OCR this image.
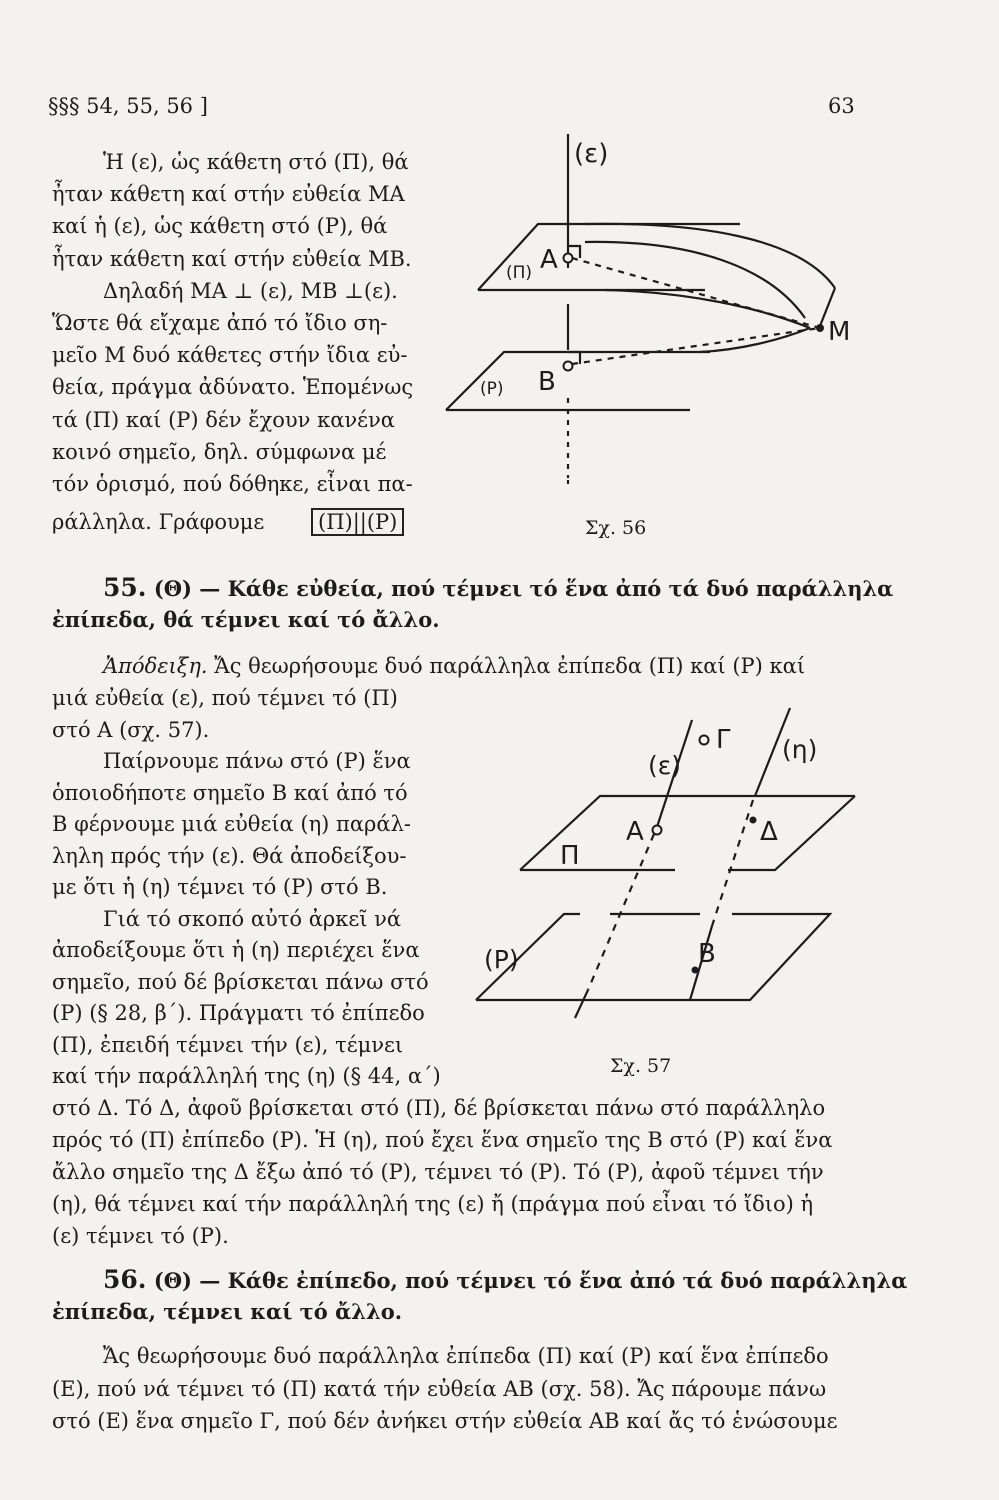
§§§ 54, 55, 56 ]	63
Ἡ (ε), ὡς κάθετη στό (Π), θά
ἦταν κάθετη καί στήν εὐθεία ΜΑ
καί ἡ (ε), ὡς κάθετη στό (Ρ), θά
ἦταν κάθετη καί στήν εὐθεία ΜΒ.
Δηλαδή ΜΑ ⊥ (ε), ΜΒ ⊥(ε).
Ὥστε θά εἴχαμε ἀπό τό ἴδιο ση-
μεῖο Μ δυό κάθετες στήν ἴδια εὐ-
θεία, πράγμα ἀδύνατο. Ἑπομένως
τά (Π) καί (Ρ) δέν ἔχουν κανένα
κοινό σημεῖο, δηλ. σύμφωνα μέ
τόν ὁρισμό, πού δόθηκε, εἶναι πα-
ράλληλα. Γράφουμε	(Π)||(Ρ)
(ε)
(Π) Α
(Ρ) Β
Μ
Σχ. 56
55. (Θ) — Κάθε εὐθεία, πού τέμνει τό ἕνα ἀπό τά δυό παράλληλα
ἐπίπεδα, θά τέμνει καί τό ἄλλο.
Ἀπόδειξη. Ἄς θεωρήσουμε δυό παράλληλα ἐπίπεδα (Π) καί (Ρ) καί
μιά εὐθεία (ε), πού τέμνει τό (Π)
στό Α (σχ. 57).
Παίρνουμε πάνω στό (Ρ) ἕνα
ὁποιοδήποτε σημεῖο Β καί ἀπό τό
Β φέρνουμε μιά εὐθεία (η) παράλ-
ληλη πρός τήν (ε). Θά ἀποδείξου-
με ὅτι ἡ (η) τέμνει τό (Ρ) στό Β.
Γιά τό σκοπό αὐτό ἀρκεῖ νά
ἀποδείξουμε ὅτι ἡ (η) περιέχει ἕνα
σημεῖο, πού δέ βρίσκεται πάνω στό
(Ρ) (§ 28, β΄). Πράγματι τό ἐπίπεδο
(Π), ἐπειδή τέμνει τήν (ε), τέμνει
καί τήν παράλληλή της (η) (§ 44, α΄)
Γ (η)
(ε)
Α	Δ
Π
(Ρ)	Β
Σχ. 57
στό Δ. Τό Δ, ἀφοῦ βρίσκεται στό (Π), δέ βρίσκεται πάνω στό παράλληλο
πρός τό (Π) ἐπίπεδο (Ρ). Ἡ (η), πού ἔχει ἕνα σημεῖο της Β στό (Ρ) καί ἕνα
ἄλλο σημεῖο της Δ ἔξω ἀπό τό (Ρ), τέμνει τό (Ρ). Τό (Ρ), ἀφοῦ τέμνει τήν
(η), θά τέμνει καί τήν παράλληλή της (ε) ἤ (πράγμα πού εἶναι τό ἴδιο) ἡ
(ε) τέμνει τό (Ρ).
56. (Θ) — Κάθε ἐπίπεδο, πού τέμνει τό ἕνα ἀπό τά δυό παράλληλα
ἐπίπεδα, τέμνει καί τό ἄλλο.
Ἄς θεωρήσουμε δυό παράλληλα ἐπίπεδα (Π) καί (Ρ) καί ἕνα ἐπίπεδο
(Ε), πού νά τέμνει τό (Π) κατά τήν εὐθεία ΑΒ (σχ. 58). Ἄς πάρουμε πάνω
στό (Ε) ἕνα σημεῖο Γ, πού δέν ἀνήκει στήν εὐθεία ΑΒ καί ἄς τό ἑνώσουμε
